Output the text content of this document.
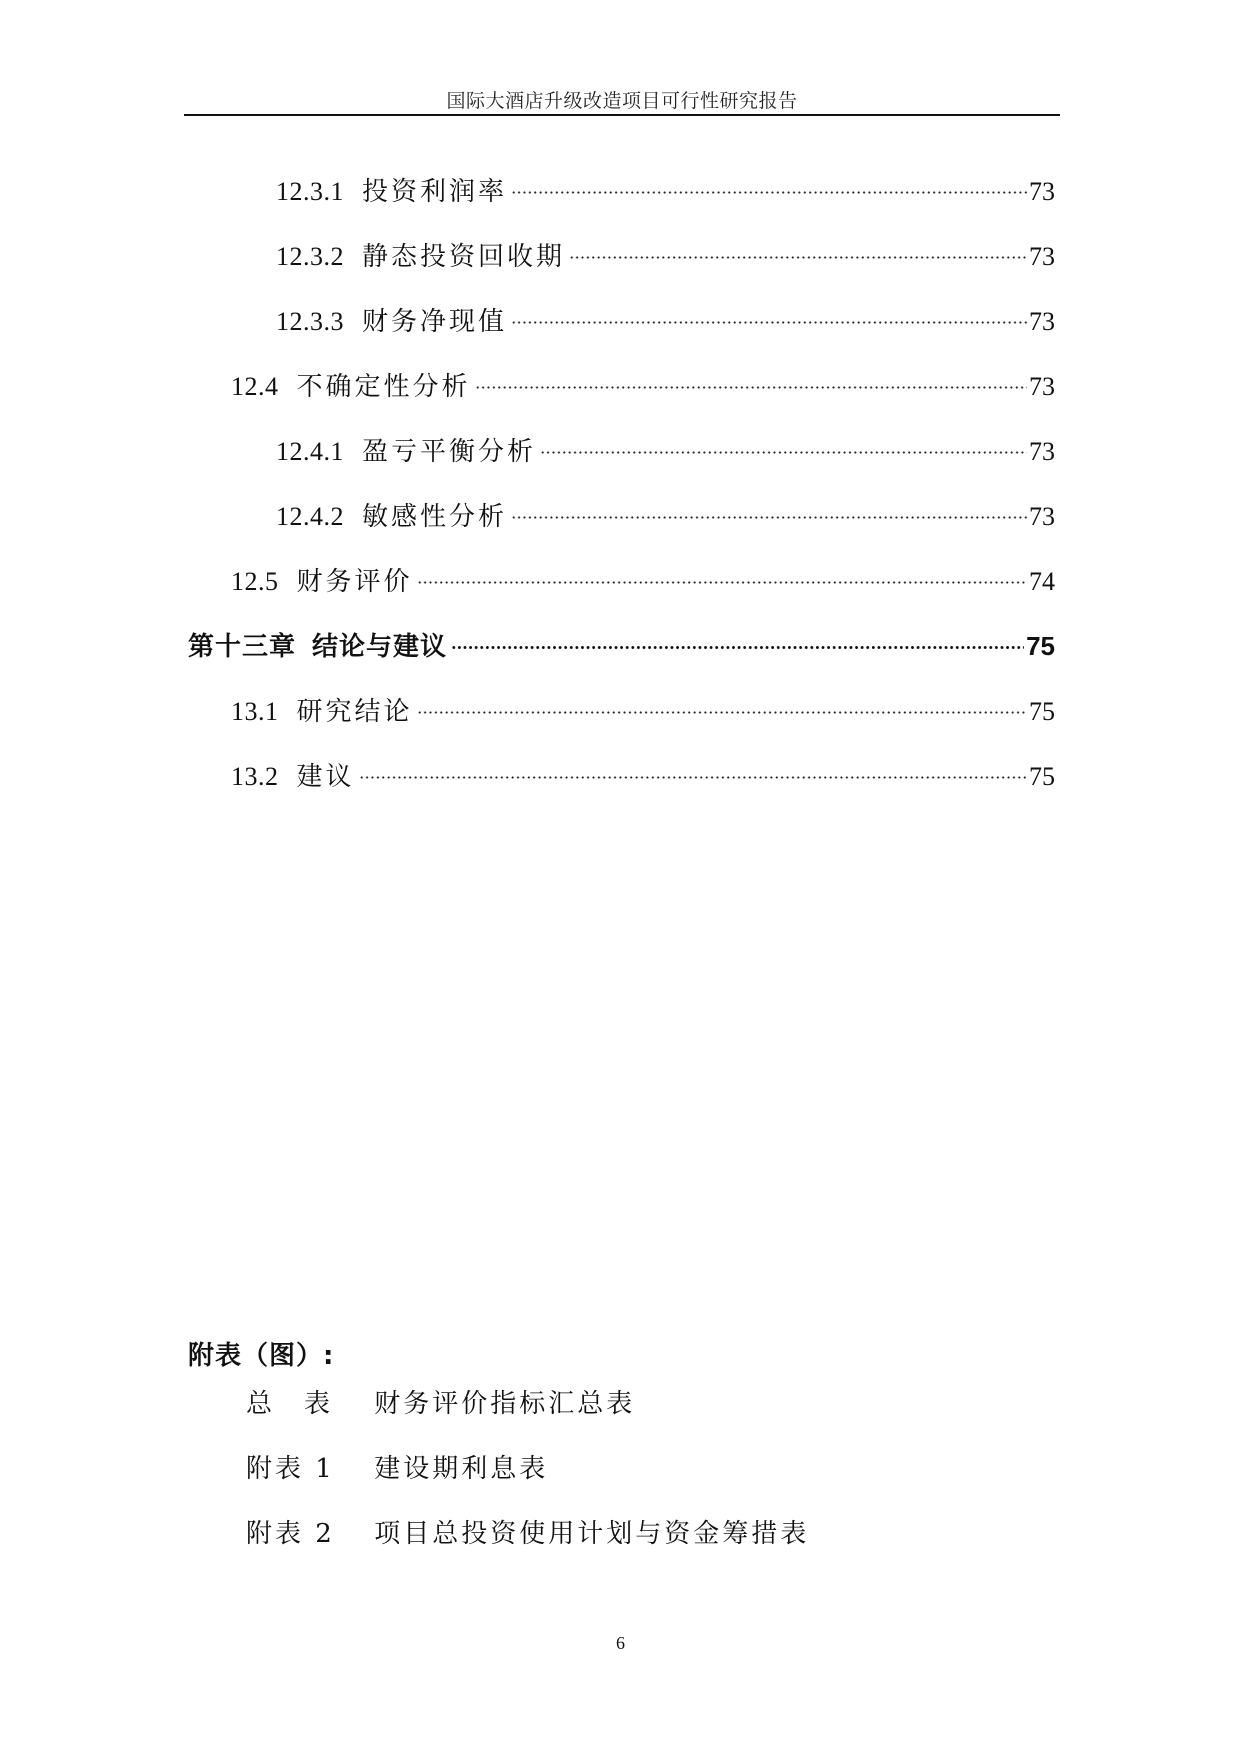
国际大酒店升级改造项目可行性研究报告
12.3.1 投资利润率	73
12.3.2 静态投资回收期	73
12.3.3 财务净现值	73
12.4 不确定性分析	73
12.4.1 盈亏平衡分析	73
12.4.2 敏感性分析	73
12.5 财务评价	74
第十三章 结论与建议	75
13.1 研究结论	75
13.2 建议	75
附表（图）:
总　表 财务评价指标汇总表
附表 1 建设期利息表
附表 2 项目总投资使用计划与资金筹措表
6
